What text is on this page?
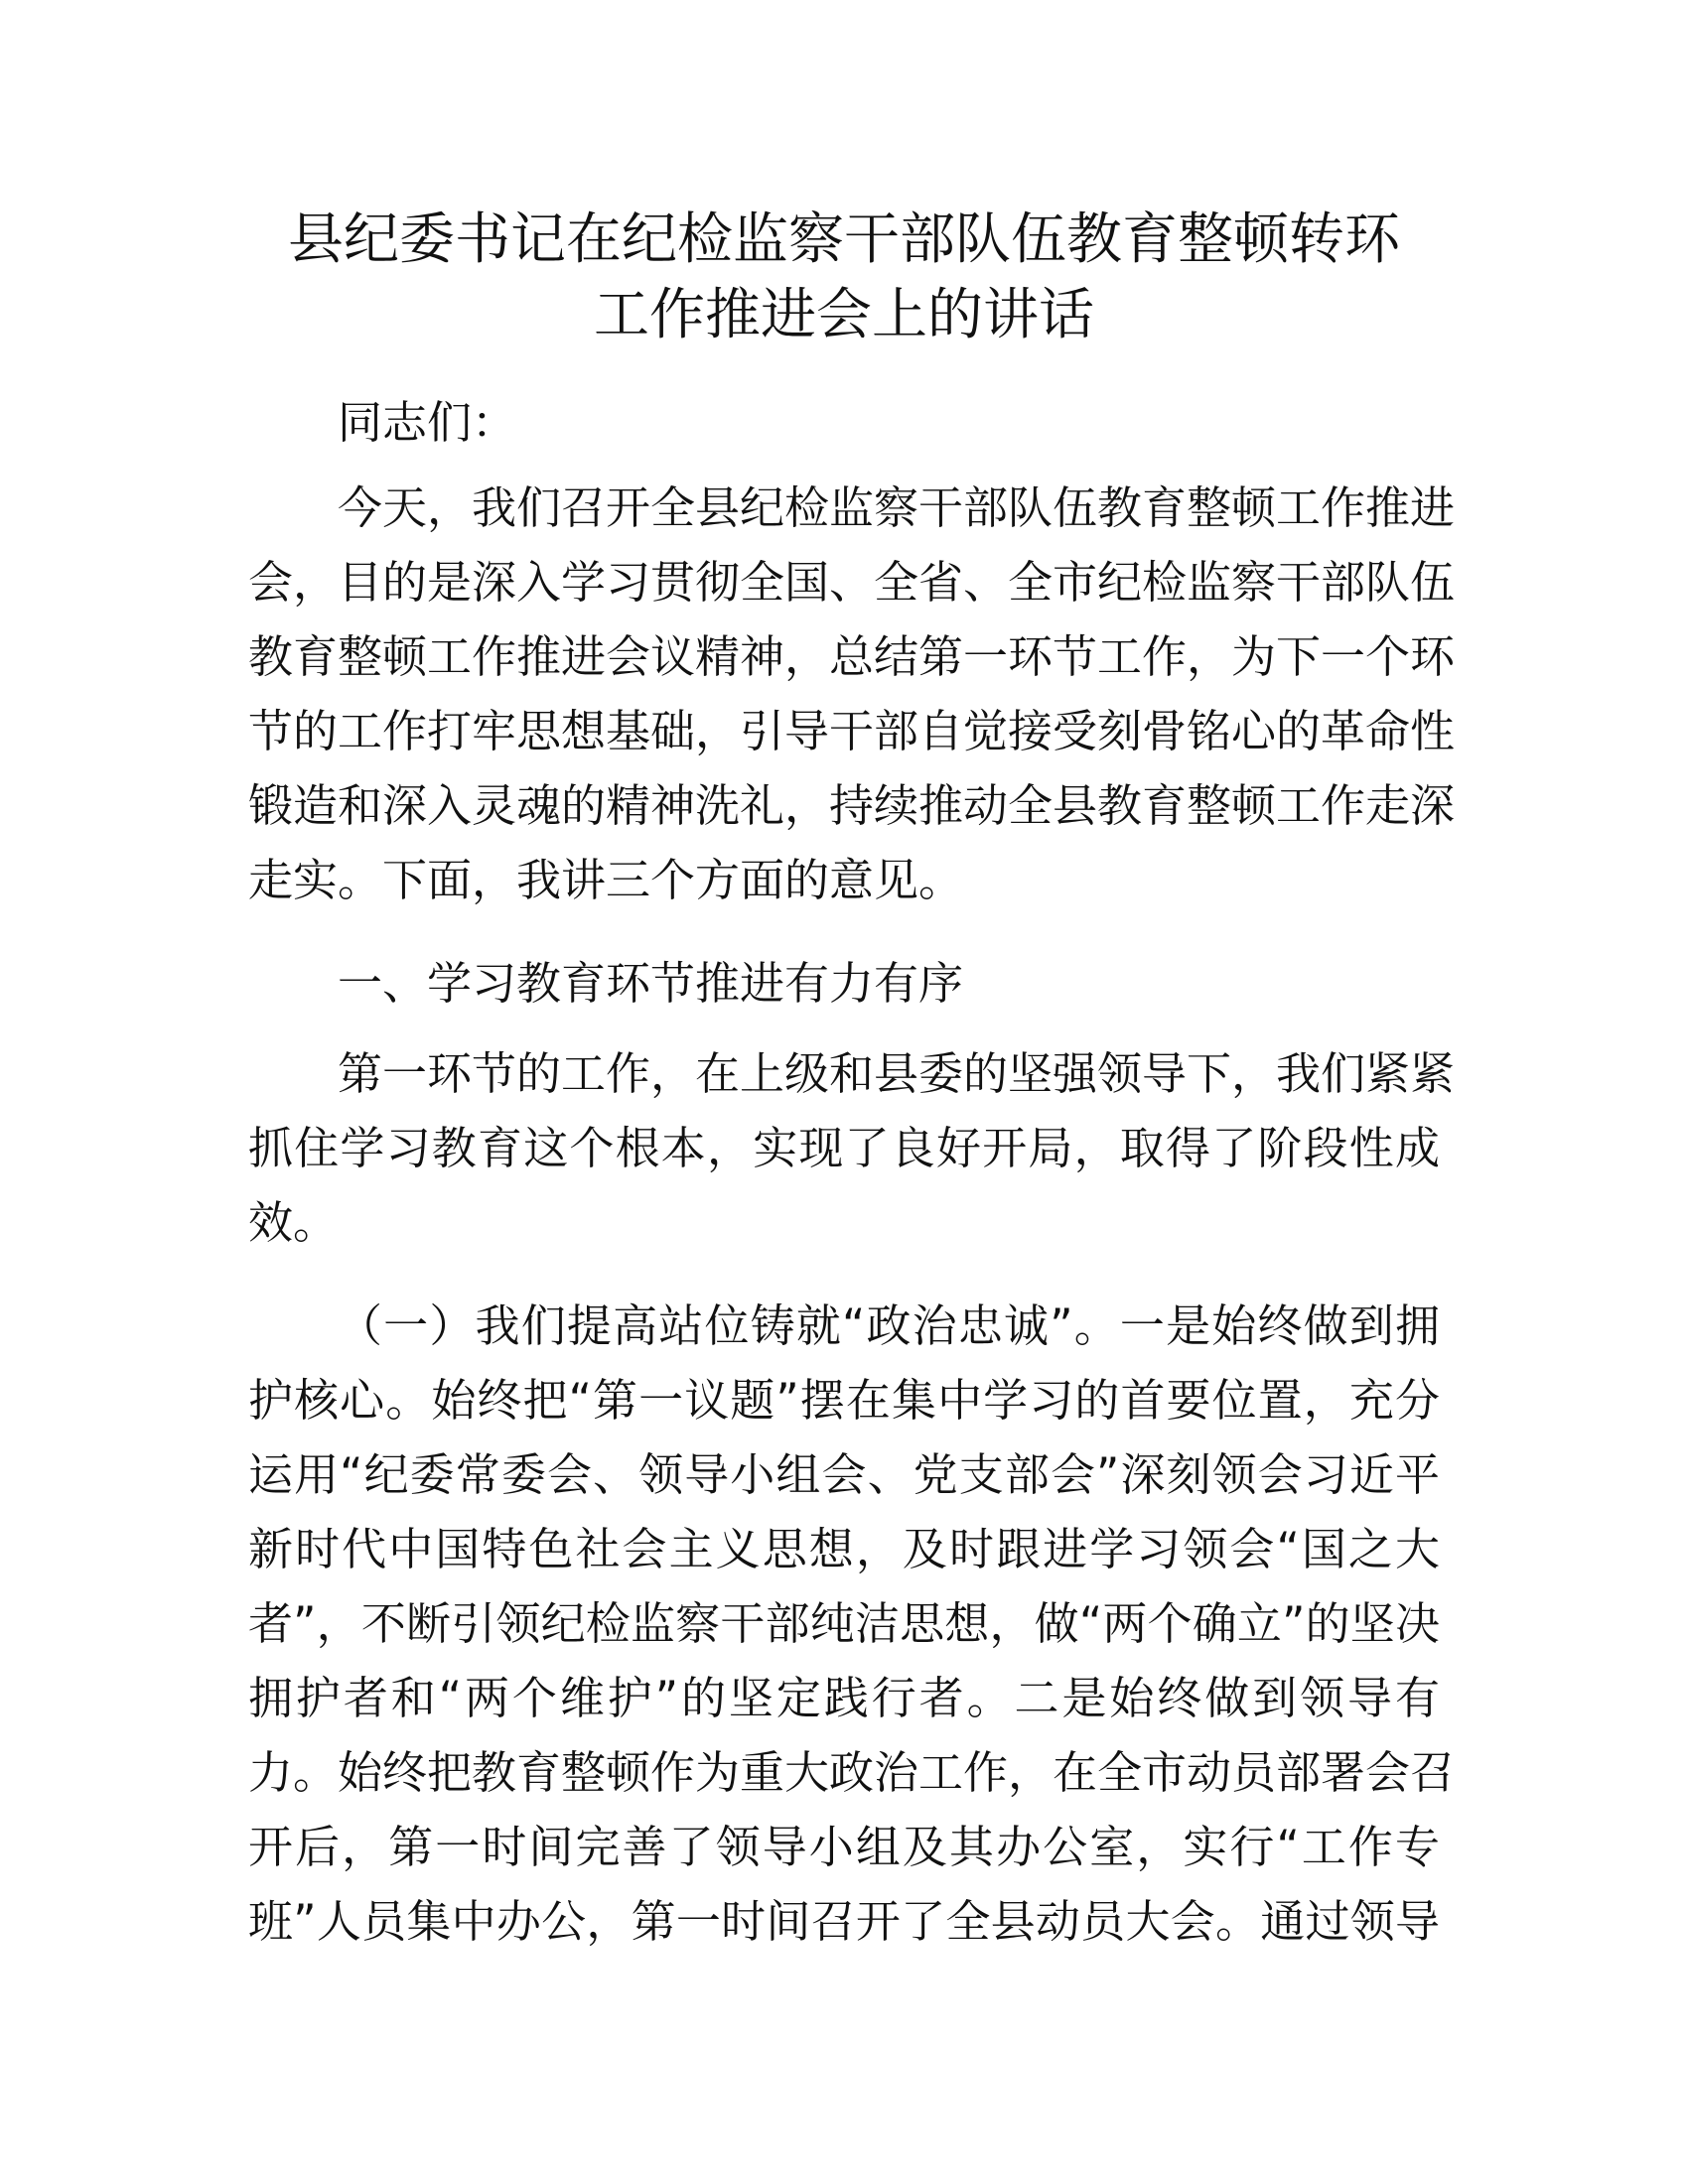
县纪委书记在纪检监察干部队伍教育整顿转环
工作推进会上的讲话

同志们：

今天，我们召开全县纪检监察干部队伍教育整顿工作推进

会，目的是深入学习贯彻全国、全省、全市纪检监察干部队伍

教育整顿工作推进会议精神，总结第一环节工作，为下一个环

节的工作打牢思想基础，引导干部自觉接受刻骨铭心的革命性

锻造和深入灵魂的精神洗礼，持续推动全县教育整顿工作走深

走实。下面，我讲三个方面的意见。

一、学习教育环节推进有力有序

第一环节的工作，在上级和县委的坚强领导下，我们紧紧

抓住学习教育这个根本，实现了良好开局，取得了阶段性成

效。

（一）我们提高站位铸就“政治忠诚”。一是始终做到拥

护核心。始终把“第一议题”摆在集中学习的首要位置，充分

运用“纪委常委会、领导小组会、党支部会”深刻领会习近平

新时代中国特色社会主义思想，及时跟进学习领会“国之大

者”，不断引领纪检监察干部纯洁思想，做“两个确立”的坚决

拥护者和“两个维护”的坚定践行者。二是始终做到领导有

力。始终把教育整顿作为重大政治工作，在全市动员部署会召

开后，第一时间完善了领导小组及其办公室，实行“工作专

班”人员集中办公，第一时间召开了全县动员大会。通过领导
